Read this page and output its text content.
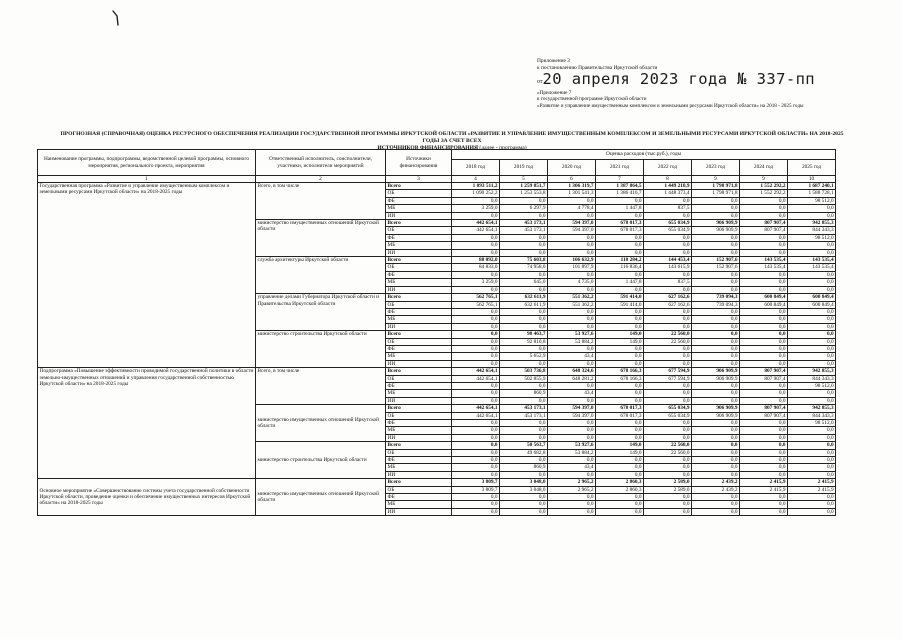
Приложение 3
к постановлению Правительства Иркутской области
от20 апреля 2023 года № 337-пп
«Приложение 7
к государственной программе Иркутской области
«Развитие и управление имущественным комплексом и земельными ресурсами Иркутской области» на 2018 - 2025 годы
ПРОГНОЗНАЯ (СПРАВОЧНАЯ) ОЦЕНКА РЕСУРСНОГО ОБЕСПЕЧЕНИЯ РЕАЛИЗАЦИИ ГОСУДАРСТВЕННОЙ ПРОГРАММЫ ИРКУТСКОЙ ОБЛАСТИ «РАЗВИТИЕ И УПРАВЛЕНИЕ ИМУЩЕСТВЕННЫМ КОМПЛЕКСОМ И ЗЕМЕЛЬНЫМИ РЕСУРСАМИ ИРКУТСКОЙ ОБЛАСТИ» НА 2018-2025 ГОДЫ ЗА СЧЕТ ВСЕХ
ИСТОЧНИКОВ ФИНАНСИРОВАНИЯ (далее - программа)
Наименование программы, подпрограммы, ведомственной целевой программы, основного мероприятия, регионального проекта, мероприятия	Ответственный исполнитель, соисполнители, участники, исполнители мероприятий	Источники финансирования	Оценка расходов (тыс.руб.), годы							
			2018 год	2019 год	2020 год	2021 год	2022 год	2023 год	2024 год	2025 год
1	2	3	4	5	6	7	8	9	9	10
Государственная программа «Развитие и управление имущественным комплексом и земельными ресурсами Иркутской области» на 2018-2025 годы	Всего, в том числе	Всего	1 093 511,2	1 259 851,7	1 306 319,7	1 387 864,5	1 449 210,9	1 798 971,8	1 552 292,2	1 687 240,1
		ОБ	1 090 252,2	1 253 553,8	1 301 541,3	1 386 416,7	1 448 373,4	1 798 971,8	1 552 292,2	1 588 728,1
		ФБ	0,0	0,0	0,0	0,0	0,0	0,0	0,0	98 512,0
		МБ	3 259,0	6 297,9	4 778,4	1 447,8	837,5	0,0	0,0	0,0
		ИИ	0,0	0,0	0,0	0,0	0,0	0,0	0,0	0,0
	министерство имущественных отношений Иркутской области	Всего	442 654,1	453 173,1	594 397,0	678 017,3	655 034,9	906 909,9	807 907,4	942 855,3
		ОБ	442 654,1	453 173,1	594 397,0	678 017,3	655 034,9	906 909,9	807 907,4	844 343,3
		ФБ	0,0	0,0	0,0	0,0	0,0	0,0	0,0	98 512,0
		МБ	0,0	0,0	0,0	0,0	0,0	0,0	0,0	0,0
		ИИ	0,0	0,0	0,0	0,0	0,0	0,0	0,0	0,0
	служба архитектуры Иркутской области	Всего	88 092,0	75 603,8	106 632,9	118 284,2	144 453,4	152 907,6	143 535,4	143 535,4
		ОБ	84 833,0	74 958,0	101 897,9	116 836,4	143 615,9	152 907,6	143 535,4	143 535,4
		ФБ	0,0	0,0	0,0	0,0	0,0	0,0	0,0	0,0
		МБ	3 259,0	645,0	4 735,0	1 447,8	837,5	0,0	0,0	0,0
		ИИ	0,0	0,0	0,0	0,0	0,0	0,0	0,0	0,0
	управление делами Губернатора Иркутской области и Правительства Иркутской области	Всего	562 765,1	632 611,9	551 362,2	591 414,0	627 162,6	739 094,3	600 849,4	600 849,4
		ОБ	562 765,1	632 611,9	551 362,2	591 414,0	627 162,6	739 094,3	600 849,4	600 849,4
		ФБ	0,0	0,0	0,0	0,0	0,0	0,0	0,0	0,0
		МБ	0,0	0,0	0,0	0,0	0,0	0,0	0,0	0,0
		ИИ	0,0	0,0	0,0	0,0	0,0	0,0	0,0	0,0
	министерство строительства Иркутской области	Всего	0,0	98 463,7	53 927,6	149,0	22 560,0	0,0	0,0	0,0
		ОБ	0,0	92 810,8	53 884,2	149,0	22 560,0	0,0	0,0	0,0
		ФБ	0,0	0,0	0,0	0,0	0,0	0,0	0,0	0,0
		МБ	0,0	5 652,9	43,4	0,0	0,0	0,0	0,0	0,0
		ИИ	0,0	0,0	0,0	0,0	0,0	0,0	0,0	0,0
Подпрограмма «Повышение эффективности проводимой государственной политики в области земельно-имущественных отношений и управления государственной собственностью Иркутской области» на 2018-2025 годы	Всего, в том числе	Всего	442 654,1	503 736,8	648 324,6	678 166,3	677 594,9	906 909,9	807 907,4	942 855,3
		ОБ	442 654,1	502 855,9	648 281,2	678 166,3	677 594,9	906 909,9	807 907,4	844 343,3
		ФБ	0,0	0,0	0,0	0,0	0,0	0,0	0,0	98 512,0
		МБ	0,0	860,9	43,4	0,0	0,0	0,0	0,0	0,0
		ИИ	0,0	0,0	0,0	0,0	0,0	0,0	0,0	0,0
	министерство имущественных отношений Иркутской области	Всего	442 654,1	453 173,1	594 397,0	678 017,3	655 034,9	906 909,9	807 907,4	942 855,3
		ОБ	442 654,1	453 173,1	594 397,0	678 017,3	655 034,9	906 909,9	807 907,4	844 343,3
		ФБ	0,0	0,0	0,0	0,0	0,0	0,0	0,0	98 512,0
		МБ	0,0	0,0	0,0	0,0	0,0	0,0	0,0	0,0
		ИИ	0,0	0,0	0,0	0,0	0,0	0,0	0,0	0,0
	министерство строительства Иркутской области	Всего	0,0	50 563,7	53 927,6	149,0	22 560,0	0,0	0,0	0,0
		ОБ	0,0	49 682,8	53 884,2	149,0	22 560,0	0,0	0,0	0,0
		ФБ	0,0	0,0	0,0	0,0	0,0	0,0	0,0	0,0
		МБ	0,0	860,9	43,4	0,0	0,0	0,0	0,0	0,0
		ИИ	0,0	0,0	0,0	0,0	0,0	0,0	0,0	0,0
Основное мероприятие «Совершенствование системы учета государственной собственности Иркутской области, проведение оценки и обеспечение имущественных интересов Иркутской области» на 2018-2025 годы	министерство имущественных отношений Иркутской области	Всего	3 809,7	3 048,0	2 965,2	2 860,3	2 589,0	2 439,2	2 415,9	2 415,9
		ОБ	3 809,7	3 048,0	2 965,2	2 860,3	2 589,0	2 439,2	2 415,9	2 415,9
		ФБ	0,0	0,0	0,0	0,0	0,0	0,0	0,0	0,0
		МБ	0,0	0,0	0,0	0,0	0,0	0,0	0,0	0,0
		ИИ	0,0	0,0	0,0	0,0	0,0	0,0	0,0	0,0
